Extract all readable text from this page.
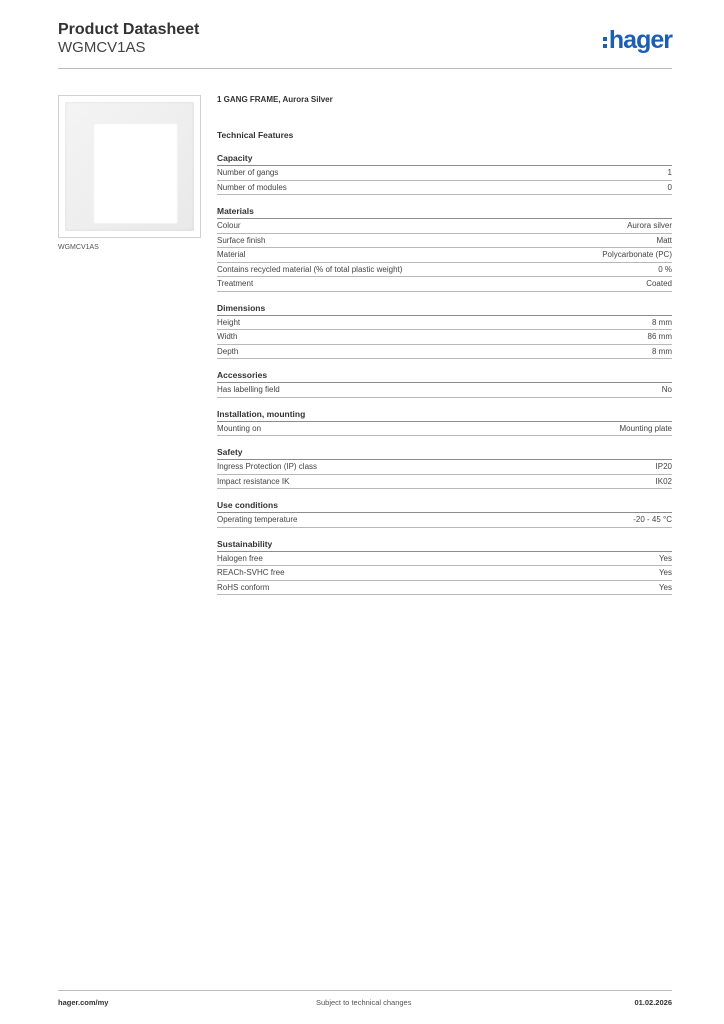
Product Datasheet
WGMCV1AS	hager
WGMCV1AS
1 GANG FRAME, Aurora Silver
Technical Features
Capacity
Number of gangs	1
Number of modules	0
Materials
Colour	Aurora silver
Surface finish	Matt
Material	Polycarbonate (PC)
Contains recycled material (% of total plastic weight)	0 %
Treatment	Coated
Dimensions
Height	8 mm
Width	86 mm
Depth	8 mm
Accessories
Has labelling field	No
Installation, mounting
Mounting on	Mounting plate
Safety
Ingress Protection (IP) class	IP20
Impact resistance IK	IK02
Use conditions
Operating temperature	-20 - 45 °C
Sustainability
Halogen free	Yes
REACh-SVHC free	Yes
RoHS conform	Yes
hager.com/my	Subject to technical changes	01.02.2026
